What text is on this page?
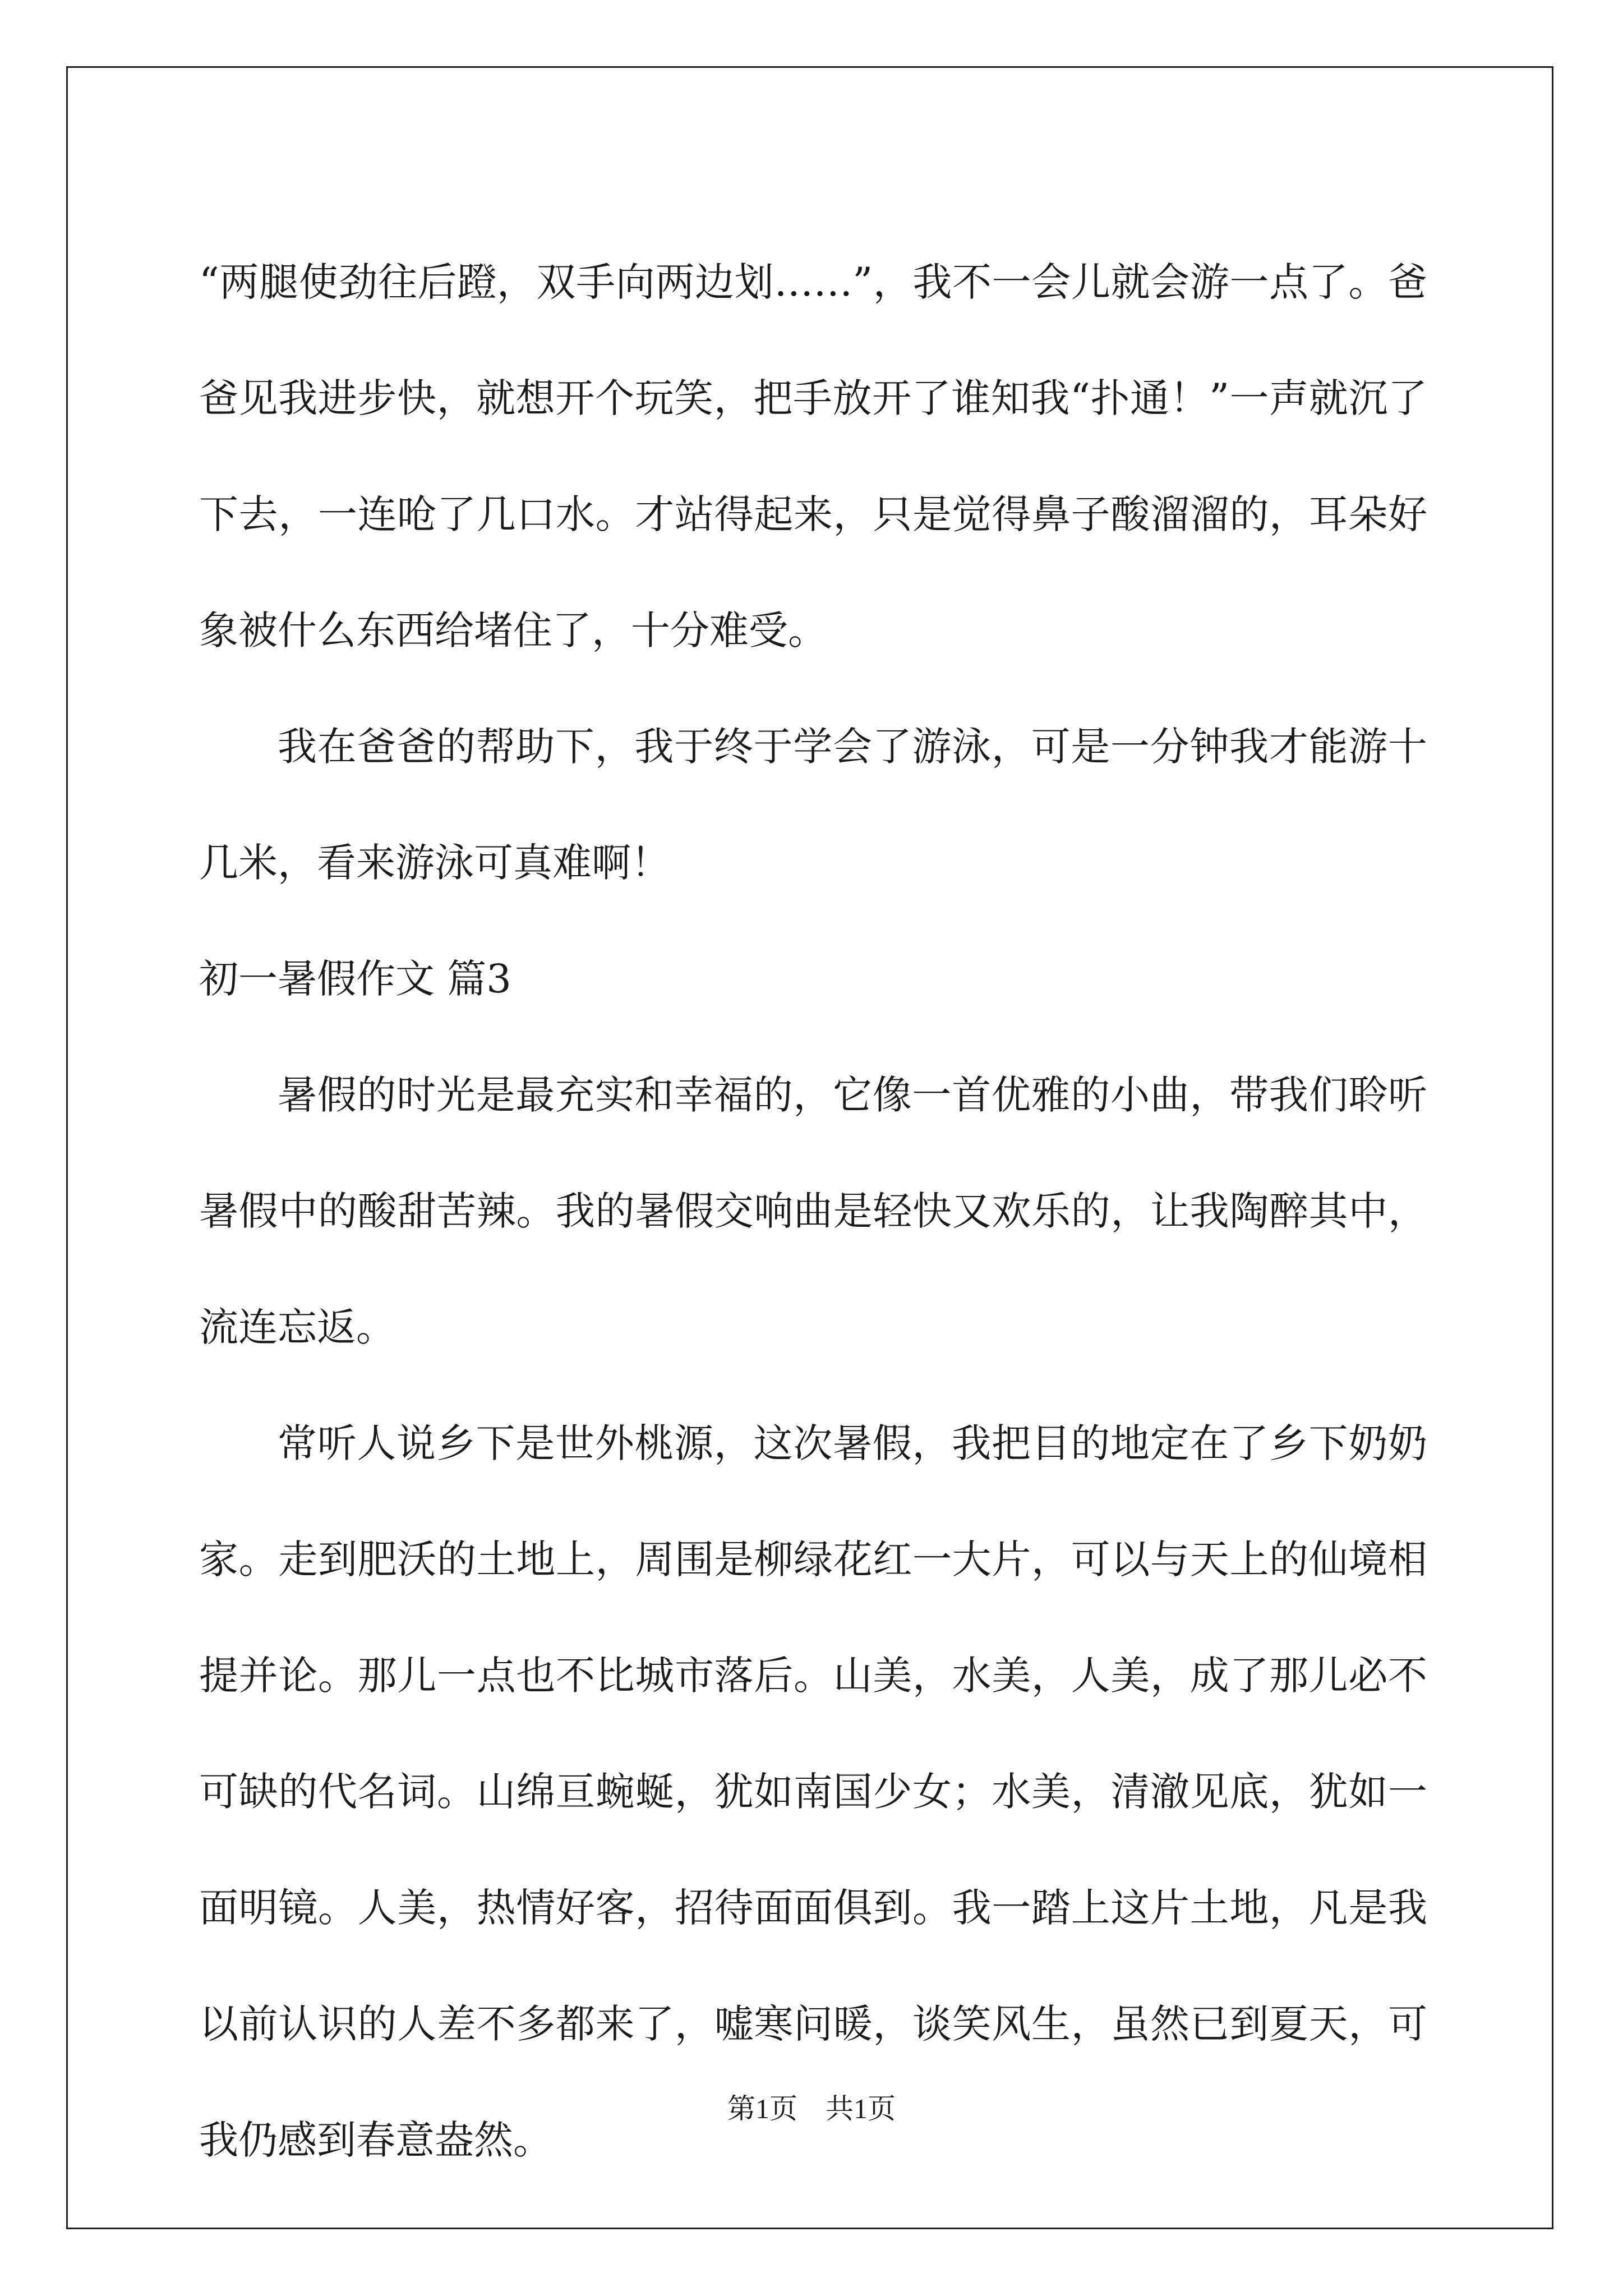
“两腿使劲往后蹬，双手向两边划……”，我不一会儿就会游一点了。爸爸见我进步快，就想开个玩笑，把手放开了谁知我“扑通！”一声就沉了下去，一连呛了几口水。才站得起来，只是觉得鼻子酸溜溜的，耳朵好象被什么东西给堵住了，十分难受。

我在爸爸的帮助下，我于终于学会了游泳，可是一分钟我才能游十几米，看来游泳可真难啊！

初一暑假作文 篇3

暑假的时光是最充实和幸福的，它像一首优雅的小曲，带我们聆听暑假中的酸甜苦辣。我的暑假交响曲是轻快又欢乐的，让我陶醉其中，流连忘返。

常听人说乡下是世外桃源，这次暑假，我把目的地定在了乡下奶奶家。走到肥沃的土地上，周围是柳绿花红一大片，可以与天上的仙境相提并论。那儿一点也不比城市落后。山美，水美，人美，成了那儿必不可缺的代名词。山绵亘蜿蜒，犹如南国少女；水美，清澈见底，犹如一面明镜。人美，热情好客，招待面面俱到。我一踏上这片土地，凡是我以前认识的人差不多都来了，嘘寒问暖，谈笑风生，虽然已到夏天，可我仍感到春意盎然。

第1页　共1页
